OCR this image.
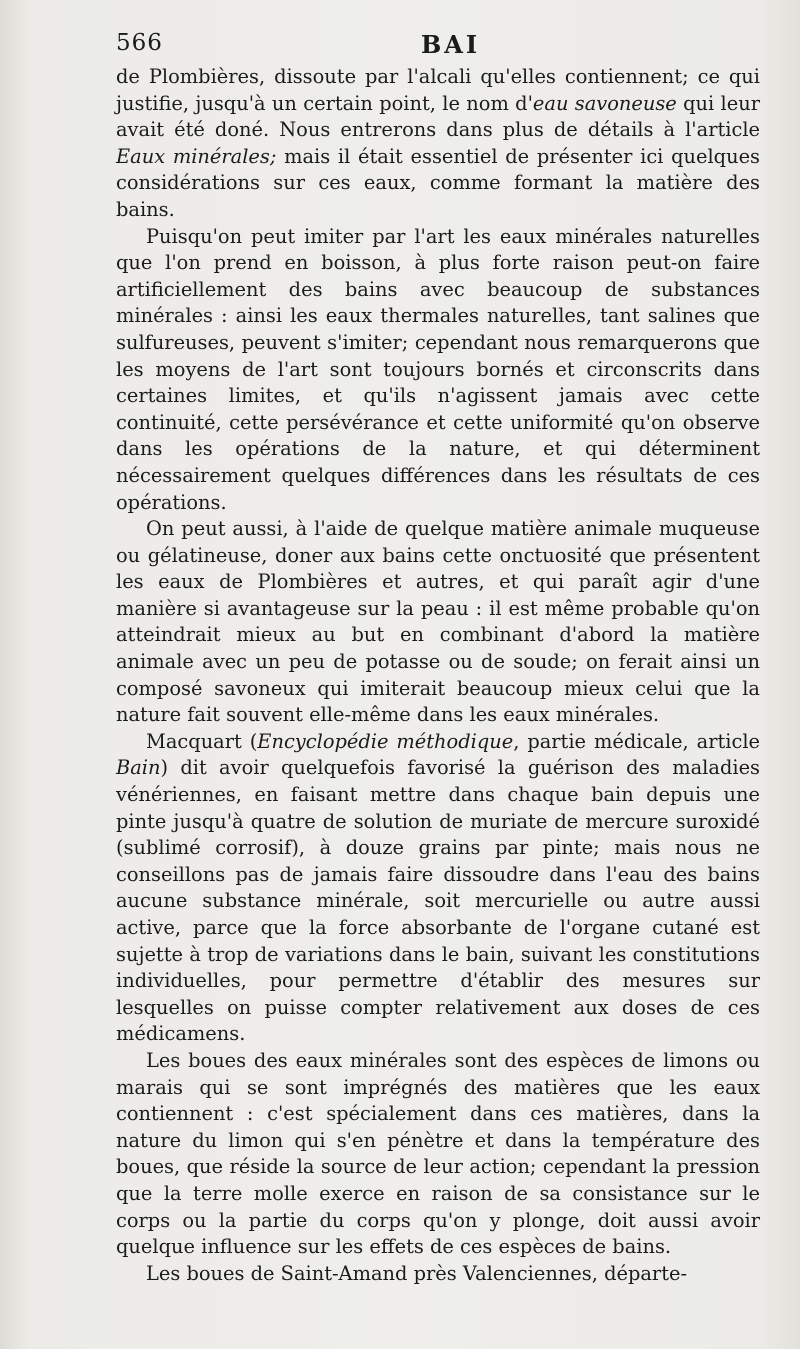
566	BAI

de Plombières, dissoute par l'alcali qu'elles contiennent; ce qui justifie, jusqu'à un certain point, le nom d'eau savoneuse qui leur avait été doné. Nous entrerons dans plus de détails à l'article Eaux minérales; mais il était essentiel de présenter ici quelques considérations sur ces eaux, comme formant la matière des bains.

Puisqu'on peut imiter par l'art les eaux minérales naturelles que l'on prend en boisson, à plus forte raison peut-on faire artificiellement des bains avec beaucoup de substances minérales : ainsi les eaux thermales naturelles, tant salines que sulfureuses, peuvent s'imiter; cependant nous remarquerons que les moyens de l'art sont toujours bornés et circonscrits dans certaines limites, et qu'ils n'agissent jamais avec cette continuité, cette persévérance et cette uniformité qu'on observe dans les opérations de la nature, et qui déterminent nécessairement quelques différences dans les résultats de ces opérations.

On peut aussi, à l'aide de quelque matière animale muqueuse ou gélatineuse, doner aux bains cette onctuosité que présentent les eaux de Plombières et autres, et qui paraît agir d'une manière si avantageuse sur la peau : il est même probable qu'on atteindrait mieux au but en combinant d'abord la matière animale avec un peu de potasse ou de soude; on ferait ainsi un composé savoneux qui imiterait beaucoup mieux celui que la nature fait souvent elle-même dans les eaux minérales.

Macquart (Encyclopédie méthodique, partie médicale, article Bain) dit avoir quelquefois favorisé la guérison des maladies vénériennes, en faisant mettre dans chaque bain depuis une pinte jusqu'à quatre de solution de muriate de mercure suroxidé (sublimé corrosif), à douze grains par pinte; mais nous ne conseillons pas de jamais faire dissoudre dans l'eau des bains aucune substance minérale, soit mercurielle ou autre aussi active, parce que la force absorbante de l'organe cutané est sujette à trop de variations dans le bain, suivant les constitutions individuelles, pour permettre d'établir des mesures sur lesquelles on puisse compter relativement aux doses de ces médicamens.

Les boues des eaux minérales sont des espèces de limons ou marais qui se sont imprégnés des matières que les eaux contiennent : c'est spécialement dans ces matières, dans la nature du limon qui s'en pénètre et dans la température des boues, que réside la source de leur action; cependant la pression que la terre molle exerce en raison de sa consistance sur le corps ou la partie du corps qu'on y plonge, doit aussi avoir quelque influence sur les effets de ces espèces de bains.

Les boues de Saint-Amand près Valenciennes, départe-
